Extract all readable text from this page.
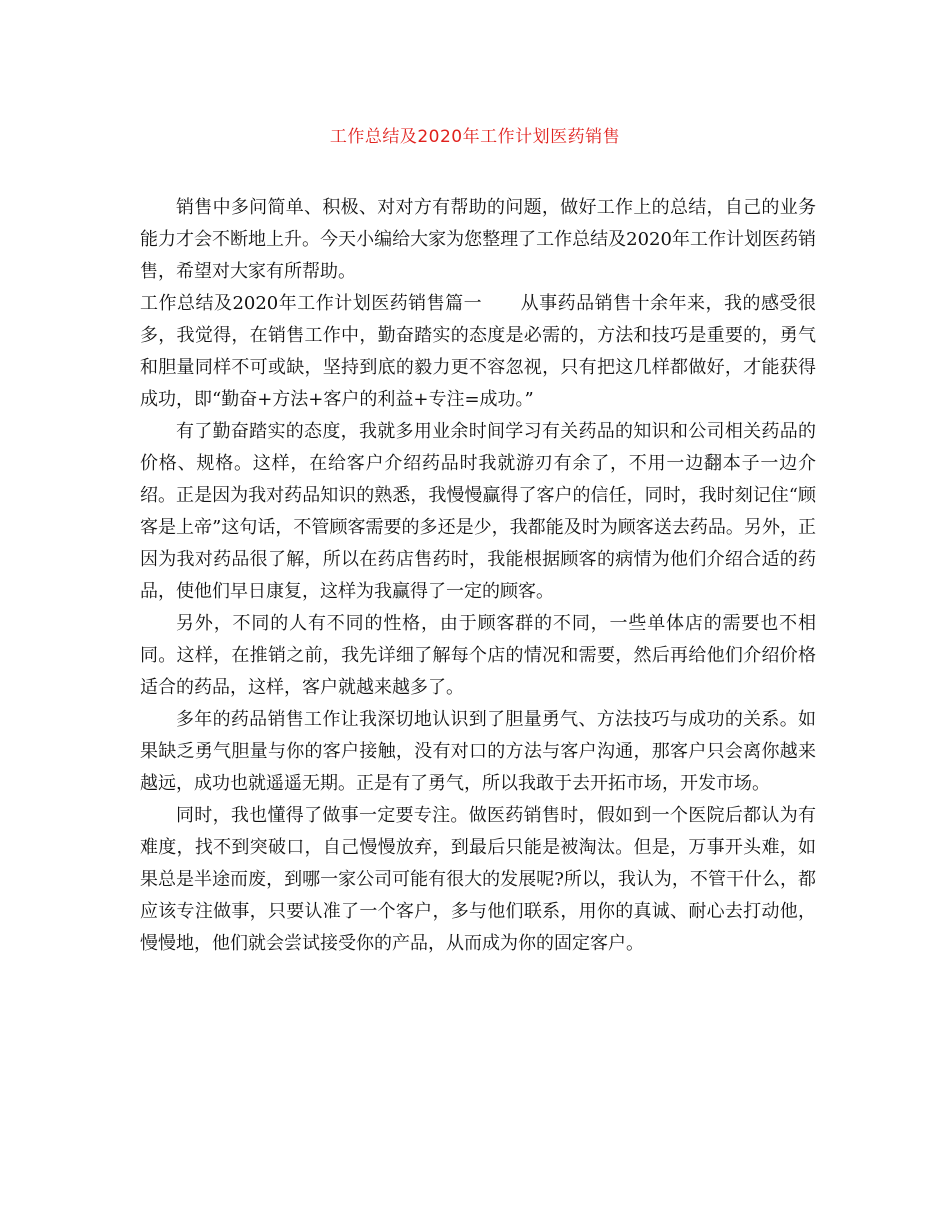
工作总结及2020年工作计划医药销售

销售中多问简单、积极、对对方有帮助的问题，做好工作上的总结，自己的业务能力才会不断地上升。今天小编给大家为您整理了工作总结及2020年工作计划医药销售，希望对大家有所帮助。

工作总结及2020年工作计划医药销售篇一 从事药品销售十余年来，我的感受很多，我觉得，在销售工作中，勤奋踏实的态度是必需的，方法和技巧是重要的，勇气和胆量同样不可或缺，坚持到底的毅力更不容忽视，只有把这几样都做好，才能获得成功，即“勤奋+方法+客户的利益+专注=成功。”

有了勤奋踏实的态度，我就多用业余时间学习有关药品的知识和公司相关药品的价格、规格。这样，在给客户介绍药品时我就游刃有余了，不用一边翻本子一边介绍。正是因为我对药品知识的熟悉，我慢慢赢得了客户的信任，同时，我时刻记住“顾客是上帝”这句话，不管顾客需要的多还是少，我都能及时为顾客送去药品。另外，正因为我对药品很了解，所以在药店售药时，我能根据顾客的病情为他们介绍合适的药品，使他们早日康复，这样为我赢得了一定的顾客。

另外，不同的人有不同的性格，由于顾客群的不同，一些单体店的需要也不相同。这样，在推销之前，我先详细了解每个店的情况和需要，然后再给他们介绍价格适合的药品，这样，客户就越来越多了。

多年的药品销售工作让我深切地认识到了胆量勇气、方法技巧与成功的关系。如果缺乏勇气胆量与你的客户接触，没有对口的方法与客户沟通，那客户只会离你越来越远，成功也就遥遥无期。正是有了勇气，所以我敢于去开拓市场，开发市场。

同时，我也懂得了做事一定要专注。做医药销售时，假如到一个医院后都认为有难度，找不到突破口，自己慢慢放弃，到最后只能是被淘汰。但是，万事开头难，如果总是半途而废，到哪一家公司可能有很大的发展呢?所以，我认为，不管干什么，都应该专注做事，只要认准了一个客户，多与他们联系，用你的真诚、耐心去打动他，慢慢地，他们就会尝试接受你的产品，从而成为你的固定客户。
